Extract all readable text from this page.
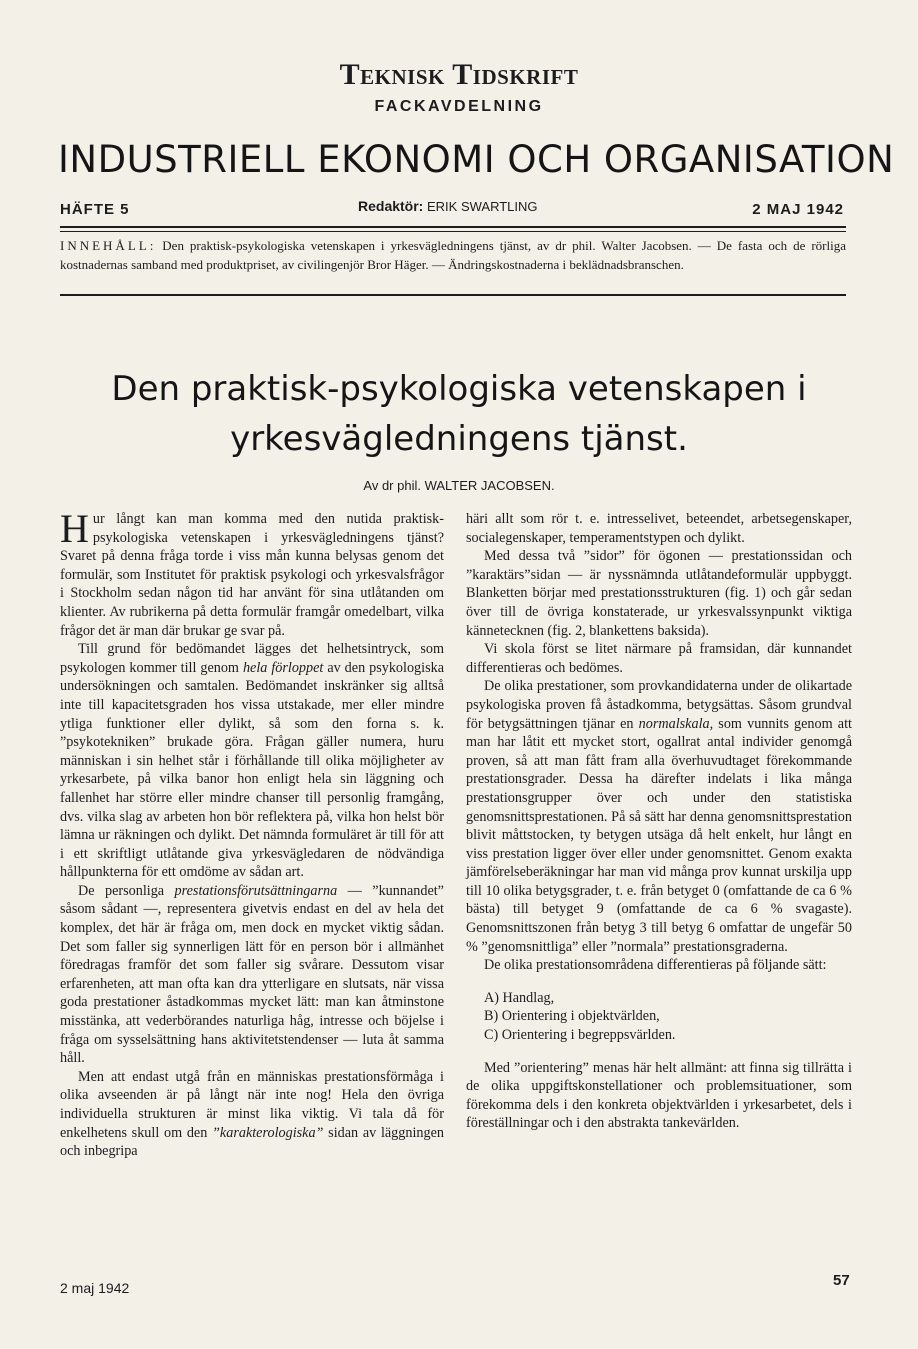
Teknisk Tidskrift
FACKAVDELNING
INDUSTRIELL EKONOMI OCH ORGANISATION
HÄFTE 5	Redaktör: ERIK SWARTLING	2 MAJ 1942
INNEHÅLL: Den praktisk-psykologiska vetenskapen i yrkesvägledningens tjänst, av dr phil. Walter Jacobsen. — De fasta och de rörliga kostnadernas samband med produktpriset, av civilingenjör Bror Häger. — Ändringskostnaderna i beklädnadsbranschen.
Den praktisk-psykologiska vetenskapen i
yrkesvägledningens tjänst.
Av dr phil. WALTER JACOBSEN.

Hur långt kan man komma med den nutida praktisk-psykologiska vetenskapen i yrkesvägledningens tjänst? Svaret på denna fråga torde i viss mån kunna belysas genom det formulär, som Institutet för praktisk psykologi och yrkesvalsfrågor i Stockholm sedan någon tid har använt för sina utlåtanden om klienter. Av rubrikerna på detta formulär framgår omedelbart, vilka frågor det är man där brukar ge svar på.

Till grund för bedömandet lägges det helhetsintryck, som psykologen kommer till genom hela förloppet av den psykologiska undersökningen och samtalen. Bedömandet inskränker sig alltså inte till kapacitetsgraden hos vissa utstakade, mer eller mindre ytliga funktioner eller dylikt, så som den forna s. k. ”psykotekniken” brukade göra. Frågan gäller numera, huru människan i sin helhet står i förhållande till olika möjligheter av yrkesarbete, på vilka banor hon enligt hela sin läggning och fallenhet har större eller mindre chanser till personlig framgång, dvs. vilka slag av arbeten hon bör reflektera på, vilka hon helst bör lämna ur räkningen och dylikt. Det nämnda formuläret är till för att i ett skriftligt utlåtande giva yrkesvägledaren de nödvändiga hållpunkterna för ett omdöme av sådan art.

De personliga prestationsförutsättningarna — ”kunnandet” såsom sådant —, representera givetvis endast en del av hela det komplex, det här är fråga om, men dock en mycket viktig sådan. Det som faller sig synnerligen lätt för en person bör i allmänhet föredragas framför det som faller sig svårare. Dessutom visar erfarenheten, att man ofta kan dra ytterligare en slutsats, när vissa goda prestationer åstadkommas mycket lätt: man kan åtminstone misstänka, att vederbörandes naturliga håg, intresse och böjelse i fråga om sysselsättning hans aktivitetstendenser — luta åt samma håll.

Men att endast utgå från en människas prestationsförmåga i olika avseenden är på långt när inte nog! Hela den övriga individuella strukturen är minst lika viktig. Vi tala då för enkelhetens skull om den ”karakterologiska” sidan av läggningen och inbegripa

häri allt som rör t. e. intresselivet, beteendet, arbetsegenskaper, socialegenskaper, temperamentstypen och dylikt.

Med dessa två ”sidor” för ögonen — prestationssidan och ”karaktärs”sidan — är nyssnämnda utlåtandeformulär uppbyggt. Blanketten börjar med prestationsstrukturen (fig. 1) och går sedan över till de övriga konstaterade, ur yrkesvalssynpunkt viktiga kännetecknen (fig. 2, blankettens baksida).

Vi skola först se litet närmare på framsidan, där kunnandet differentieras och bedömes.

De olika prestationer, som provkandidaterna under de olikartade psykologiska proven få åstadkomma, betygsättas. Såsom grundval för betygsättningen tjänar en normalskala, som vunnits genom att man har låtit ett mycket stort, ogallrat antal individer genomgå proven, så att man fått fram alla överhuvudtaget förekommande prestationsgrader. Dessa ha därefter indelats i lika många prestationsgrupper över och under den statistiska genomsnittsprestationen. På så sätt har denna genomsnittsprestation blivit måttstocken, ty betygen utsäga då helt enkelt, hur långt en viss prestation ligger över eller under genomsnittet. Genom exakta jämförelseberäkningar har man vid många prov kunnat urskilja upp till 10 olika betygsgrader, t. e. från betyget 0 (omfattande de ca 6 % bästa) till betyget 9 (omfattande de ca 6 % svagaste). Genomsnittszonen från betyg 3 till betyg 6 omfattar de ungefär 50 % ”genomsnittliga” eller ”normala” prestationsgraderna.

De olika prestationsområdena differentieras på följande sätt:

A) Handlag,
B) Orientering i objektvärlden,
C) Orientering i begreppsvärlden.

Med ”orientering” menas här helt allmänt: att finna sig tillrätta i de olika uppgiftskonstellationer och problemsituationer, som förekomma dels i den konkreta objektvärlden i yrkesarbetet, dels i föreställningar och i den abstrakta tankevärlden.

2 maj 1942	57
